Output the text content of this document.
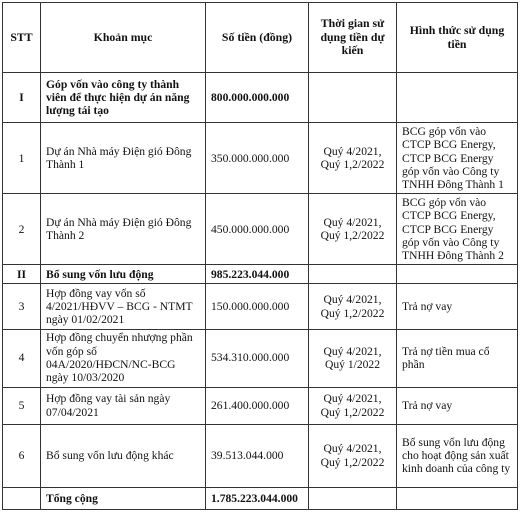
STT	Khoản mục	Số tiền (đồng)	Thời gian sử dụng tiền dự kiến	Hình thức sử dụng tiền
I	Góp vốn vào công ty thành viên để thực hiện dự án năng lượng tái tạo	800.000.000.000		
1	Dự án Nhà máy Điện gió Đông Thành 1	350.000.000.000	Quý 4/2021, Quý 1,2/2022	BCG góp vốn vào CTCP BCG Energy, CTCP BCG Energy góp vốn vào Công ty TNHH Đông Thành 1
2	Dự án Nhà máy Điện gió Đông Thành 2	450.000.000.000	Quý 4/2021, Quý 1,2/2022	BCG góp vốn vào CTCP BCG Energy, CTCP BCG Energy góp vốn vào Công ty TNHH Đông Thành 2
II	Bổ sung vốn lưu động	985.223.044.000		
3	Hợp đồng vay vốn số 4/2021/HĐVV – BCG - NTMT ngày 01/02/2021	150.000.000.000	Quý 4/2021, Quý 1,2/2022	Trả nợ vay
4	Hợp đồng chuyển nhượng phần vốn góp số 04A/2020/HĐCN/NC-BCG ngày 10/03/2020	534.310.000.000	Quý 4/2021, Quý 1/2022	Trả nợ tiền mua cổ phần
5	Hợp đồng vay tài sản ngày 07/04/2021	261.400.000.000	Quý 4/2021, Quý 1,2/2022	Trả nợ vay
6	Bổ sung vốn lưu động khác	39.513.044.000	Quý 4/2021, Quý 1,2/2022	Bổ sung vốn lưu động cho hoạt động sản xuất kinh doanh của công ty
	Tổng cộng	1.785.223.044.000		
